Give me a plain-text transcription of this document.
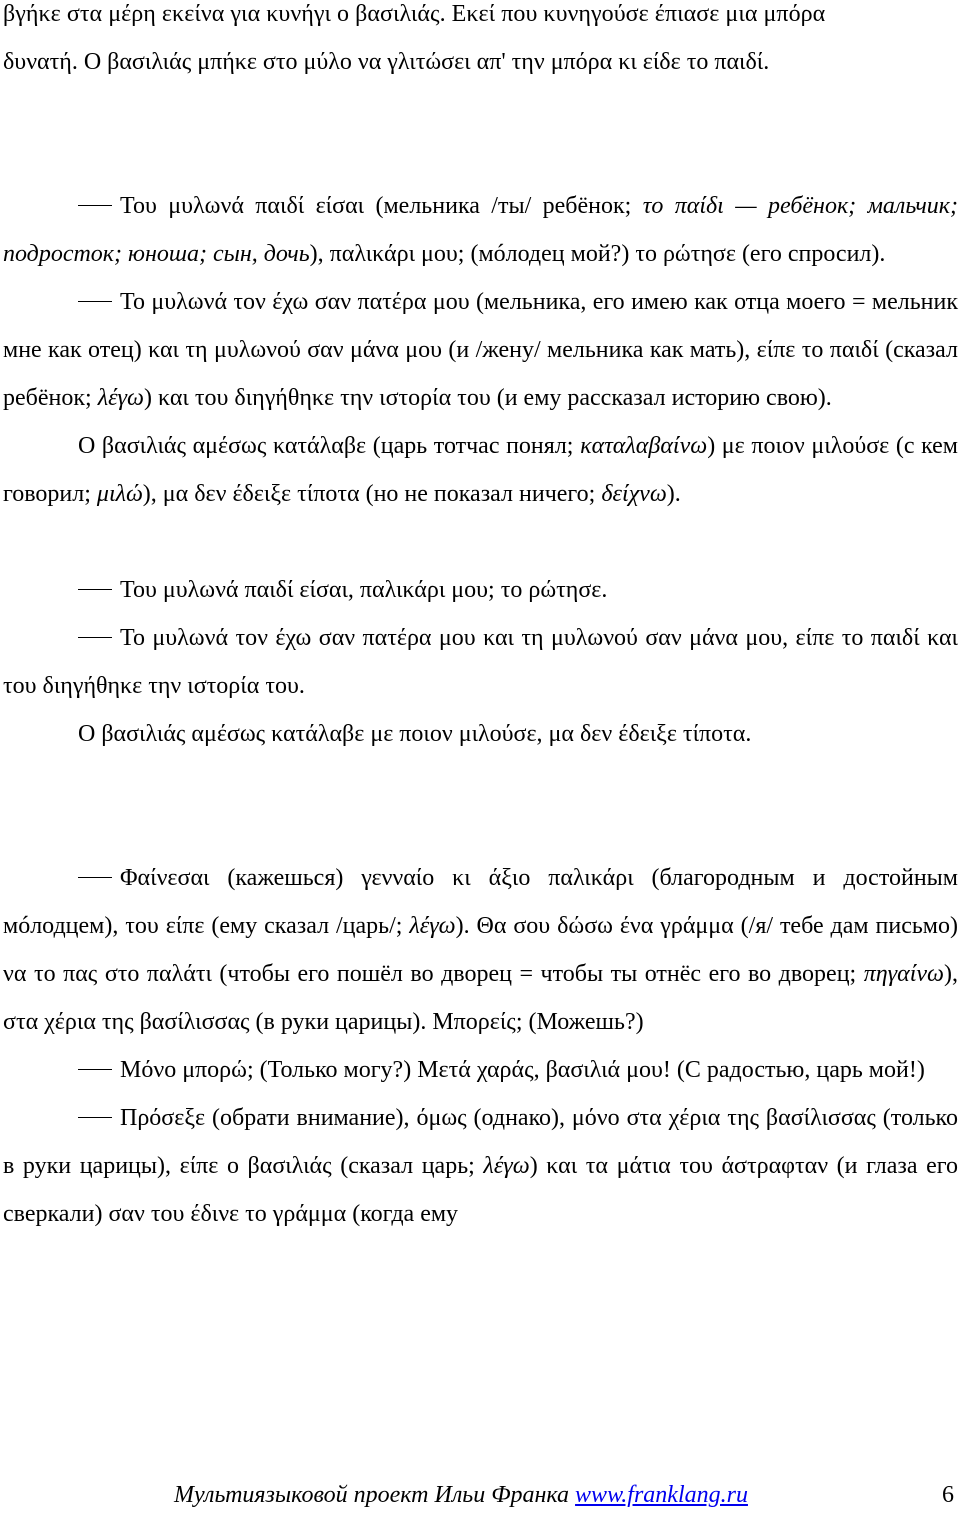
βγήκε στα μέρη εκείνα για κυνήγι ο βασιλιάς. Εκεί που κυνηγούσε έπιασε μια μπόρα

δυνατή. Ο βασιλιάς μπήκε στο μύλο να γλιτώσει απ' την μπόρα κι είδε το παιδί.

Του μυλωνά παιδί είσαι (мельника /ты/ ребёнок; το παίδι — ребёнок; мальчик; подросток; юноша; сын, дочь), παλικάρι μου; (мóлодец мой?) το ρώτησε (его спросил).

Το μυλωνά τον έχω σαν πατέρα μου (мельника, его имею как отца моего = мельник мне как отец) και τη μυλωνού σαν μάνα μου (и /жену/ мельника как мать), είπε το παιδί (сказал ребёнок; λέγω) και του διηγήθηκε την ιστορία του (и ему рассказал историю свою).

Ο βασιλιάς αμέσως κατάλαβε (царь тотчас понял; καταλαβαίνω) με ποιον μιλούσε (с кем говорил; μιλώ), μα δεν έδειξε τίποτα (но не показал ничего; δείχνω).

Του μυλωνά παιδί είσαι, παλικάρι μου; το ρώτησε.

Το μυλωνά τον έχω σαν πατέρα μου και τη μυλωνού σαν μάνα μου, είπε το παιδί και του διηγήθηκε την ιστορία του.

Ο βασιλιάς αμέσως κατάλαβε με ποιον μιλούσε, μα δεν έδειξε τίποτα.

Φαίνεσαι (кажешься) γενναίο κι άξιο παλικάρι (благородным и достойным мóлодцем), του είπε (ему сказал /царь/; λέγω). Θα σου δώσω ένα γράμμα (/я/ тебе дам письмо) να το πας στο παλάτι (чтобы его пошёл во дворец = чтобы ты отнёс его во дворец; πηγαίνω), στα χέρια της βασίλισσας (в руки царицы). Μπορείς; (Можешь?)

Μόνο μπορώ; (Только могу?) Μετά χαράς, βασιλιά μου! (С радостью, царь мой!)

Πρόσεξε (обрати внимание), όμως (однако), μόνο στα χέρια της βασίλισσας (только в руки царицы), είπε ο βασιλιάς (сказал царь; λέγω) και τα μάτια του άστραφταν (и глаза его сверкали) σαν του έδινε το γράμμα (когда ему

Мультиязыковой проект Ильи Франка www.franklang.ru	6
